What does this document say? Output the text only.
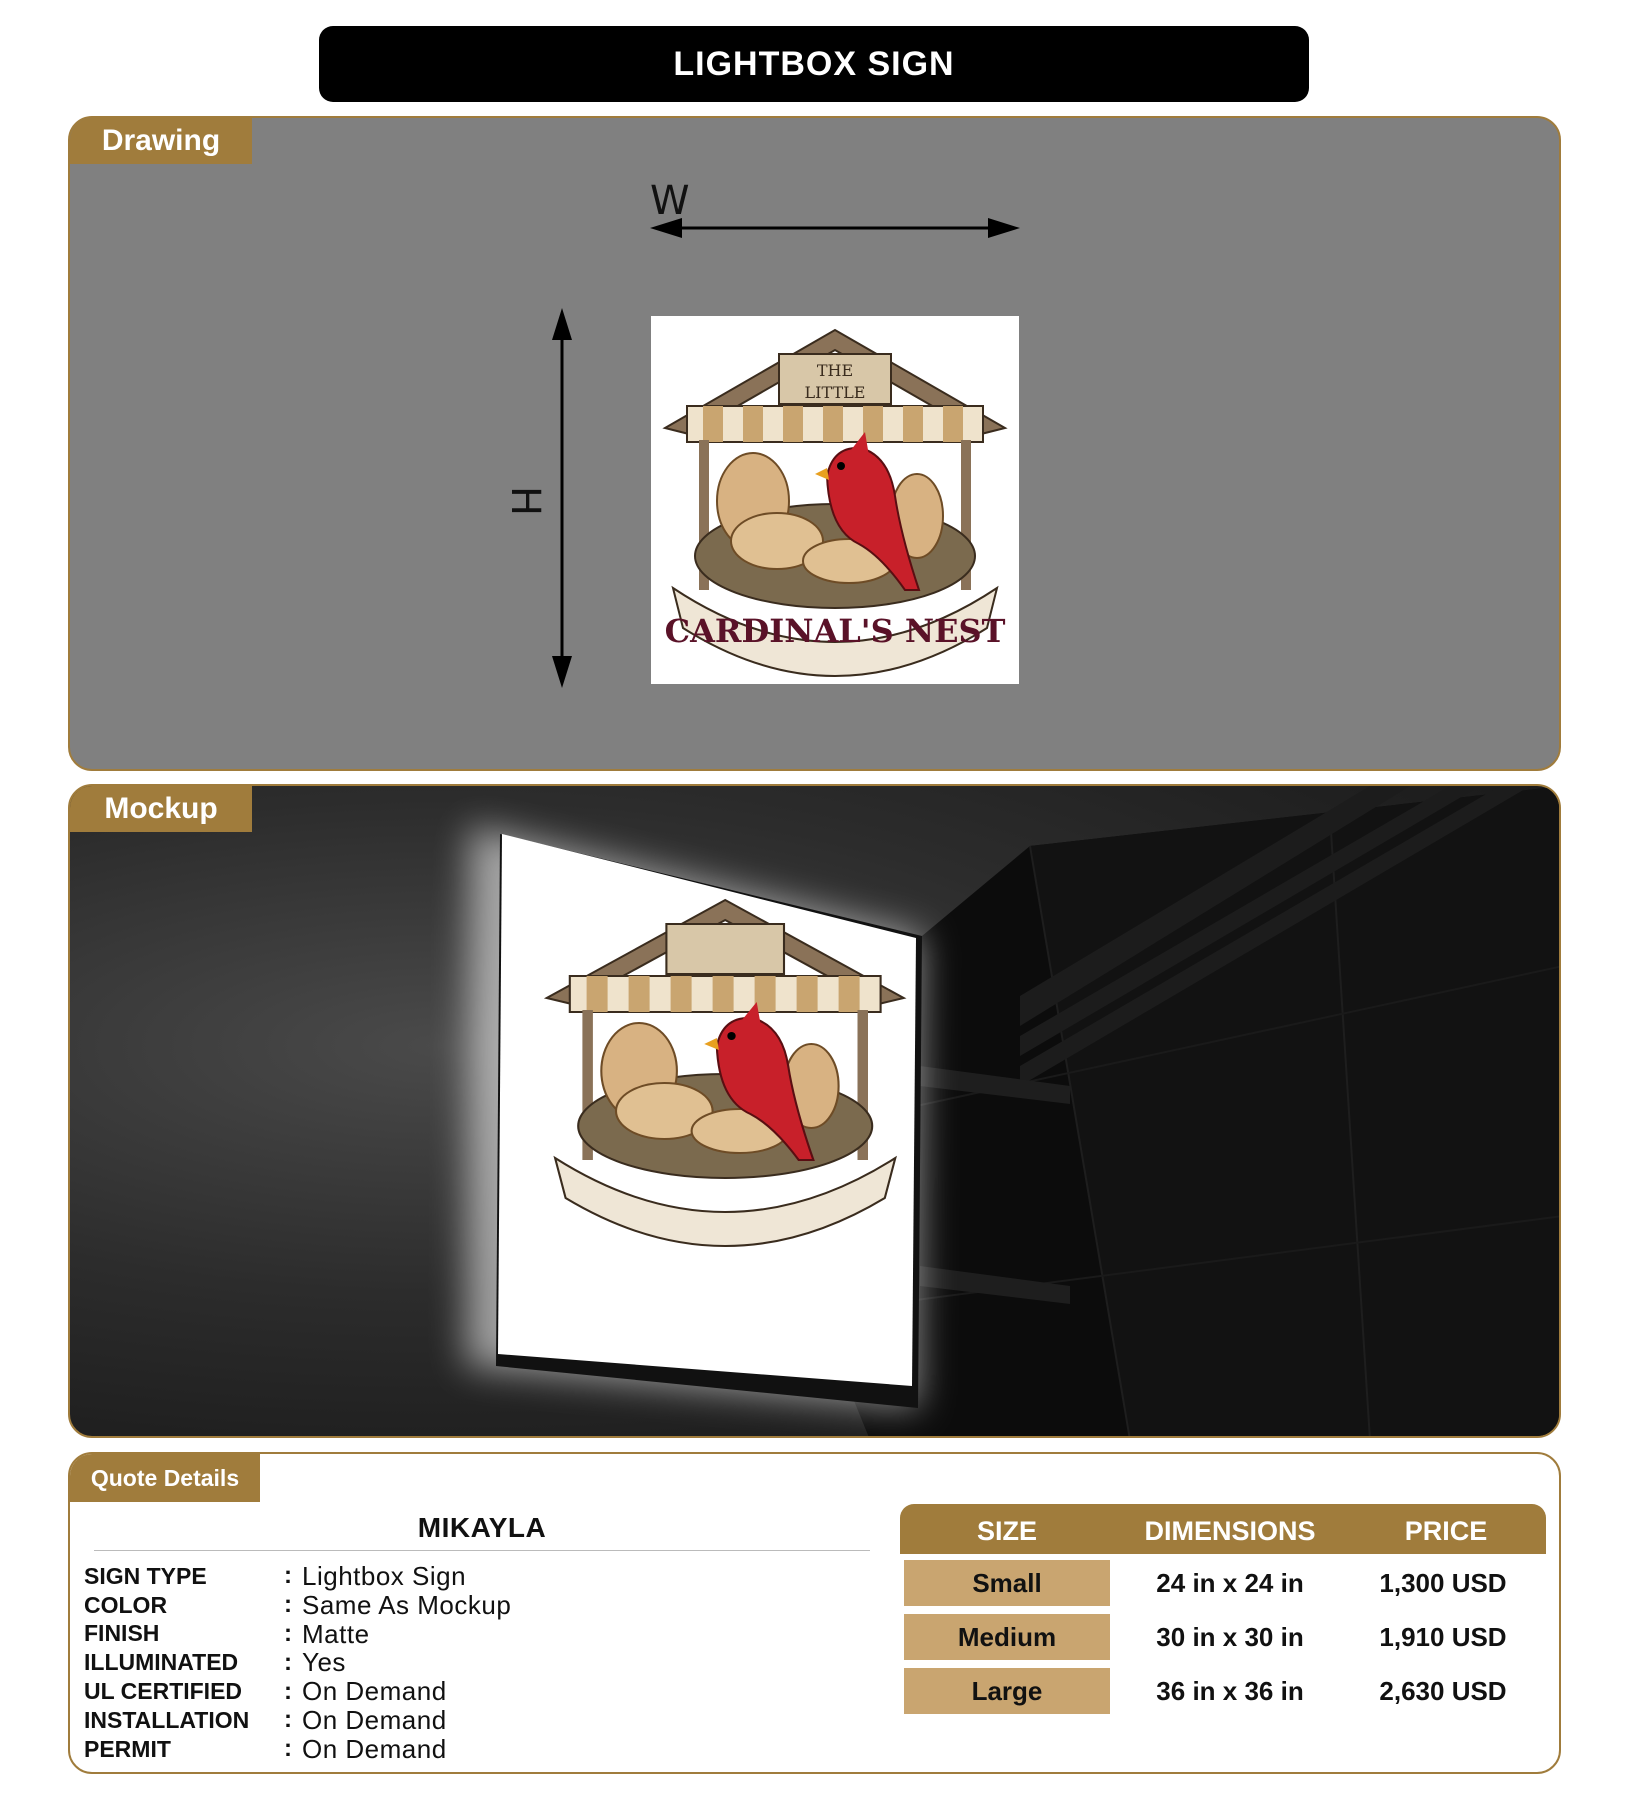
LIGHTBOX SIGN
Drawing
W
H
THE
LITTLE
CARDINAL'S NEST
Mockup
Quote Details
MIKAYLA
SIGN TYPE	: Lightbox Sign
COLOR	: Same As Mockup
FINISH	: Matte
ILLUMINATED	: Yes
UL CERTIFIED	: On Demand
INSTALLATION	: On Demand
PERMIT	: On Demand
SIZE	DIMENSIONS	PRICE
Small	24 in x 24 in	1,300 USD
Medium	30 in x 30 in	1,910 USD
Large	36 in x 36 in	2,630 USD
